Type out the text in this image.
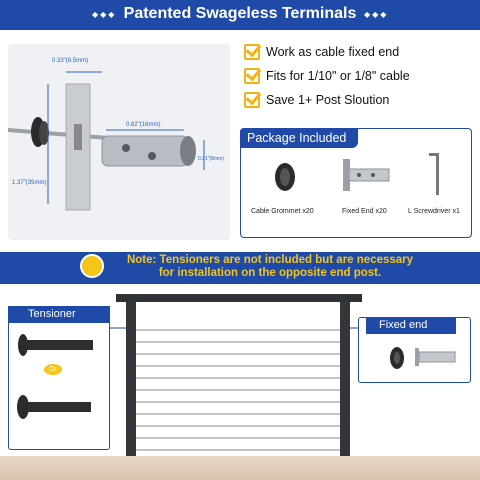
◆◆◆ Patented Swageless Terminals ◆◆◆
0.33"(8.5mm)
1.37"(35mm)
0.62"(16mm)
0.31"(8mm)
Work as cable fixed end
Fits for 1/10" or 1/8" cable
Save 1+ Post Sloution
Package Included
Cable Grommet x20	Fixed End x20	L Screwdriver x1
Note: Tensioners are not included but are necessary
for installation on the opposite end post.
Tensioner
Or
Fixed end
